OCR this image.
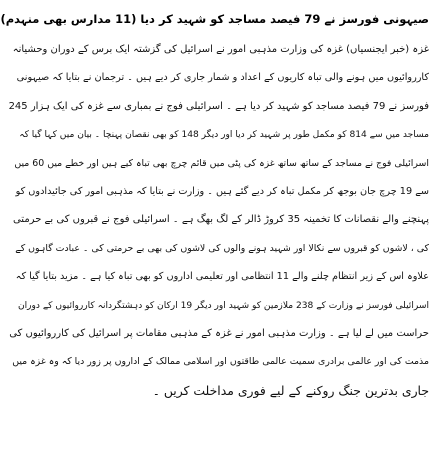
صیہونی فورسز نے 79 فیصد مساجد کو شہید کر دیا (11 مدارس بھی منہدم)
غزہ (خبر ایجنسیاں) غزہ کی وزارت مذہبی امور نے اسرائیل کی گزشتہ ایک برس کے دوران وحشیانہ
کارروائیوں میں ہونے والی تباہ کاریوں کے اعداد و شمار جاری کر دیے ہیں ۔ ترجمان نے بتایا کہ صیہونی
فورسز نے 79 فیصد مساجد کو شہید کر دیا ہے ۔ اسرائیلی فوج نے بمباری سے غزہ کی ایک ہزار 245
مساجد میں سے 814 کو مکمل طور پر شہید کر دیا اور دیگر 148 کو بھی نقصان پہنچا ۔ بیان میں کہا گیا کہ
اسرائیلی فوج نے مساجد کے ساتھ ساتھ غزہ کی پٹی میں قائم چرچ بھی تباہ کیے ہیں اور خطے میں 60 میں
سے 19 چرچ جان بوجھ کر مکمل تباہ کر دیے گئے ہیں ۔ وزارت نے بتایا کہ مذہبی امور کی جائیدادوں کو
پہنچنے والے نقصانات کا تخمینہ 35 کروڑ ڈالر کے لگ بھگ ہے ۔ اسرائیلی فوج نے قبروں کی بے حرمتی
کی ، لاشوں کو قبروں سے نکالا اور شہید ہونے والوں کی لاشوں کی بھی بے حرمتی کی ۔ عبادت گاہوں کے
علاوہ اس کے زیر انتظام چلنے والے 11 انتظامی اور تعلیمی اداروں کو بھی تباہ کیا ہے ۔ مزید بتایا گیا کہ
اسرائیلی فورسز نے وزارت کے 238 ملازمین کو شہید اور دیگر 19 ارکان کو دہشتگردانہ کارروائیوں کے دوران
حراست میں لے لیا ہے ۔ وزارت مذہبی امور نے غزہ کے مذہبی مقامات پر اسرائیل کی کارروائیوں کی
مذمت کی اور عالمی برادری سمیت عالمی طاقتوں اور اسلامی ممالک کے اداروں پر زور دیا کہ وہ غزہ میں
جاری بدترین جنگ روکنے کے لیے فوری مداخلت کریں ۔
